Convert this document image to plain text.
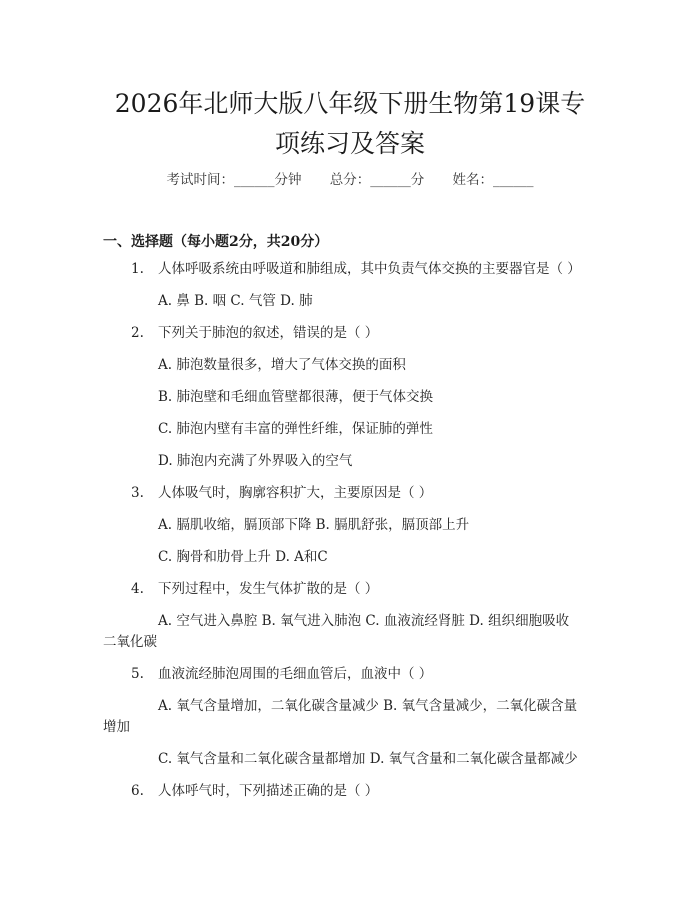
2026年北师大版八年级下册生物第19课专
项练习及答案
考试时间：______分钟 总分：______分 姓名：______
一、选择题（每小题2分，共20分）
1. 人体呼吸系统由呼吸道和肺组成，其中负责气体交换的主要器官是（ ）
A. 鼻 B. 咽 C. 气管 D. 肺
2. 下列关于肺泡的叙述，错误的是（ ）
A. 肺泡数量很多，增大了气体交换的面积
B. 肺泡壁和毛细血管壁都很薄，便于气体交换
C. 肺泡内壁有丰富的弹性纤维，保证肺的弹性
D. 肺泡内充满了外界吸入的空气
3. 人体吸气时，胸廓容积扩大，主要原因是（ ）
A. 膈肌收缩，膈顶部下降 B. 膈肌舒张，膈顶部上升
C. 胸骨和肋骨上升 D. A和C
4. 下列过程中，发生气体扩散的是（ ）
A. 空气进入鼻腔 B. 氧气进入肺泡 C. 血液流经肾脏 D. 组织细胞吸收
二氧化碳
5. 血液流经肺泡周围的毛细血管后，血液中（ ）
A. 氧气含量增加，二氧化碳含量减少 B. 氧气含量减少，二氧化碳含量
增加
C. 氧气含量和二氧化碳含量都增加 D. 氧气含量和二氧化碳含量都减少
6. 人体呼气时，下列描述正确的是（ ）
